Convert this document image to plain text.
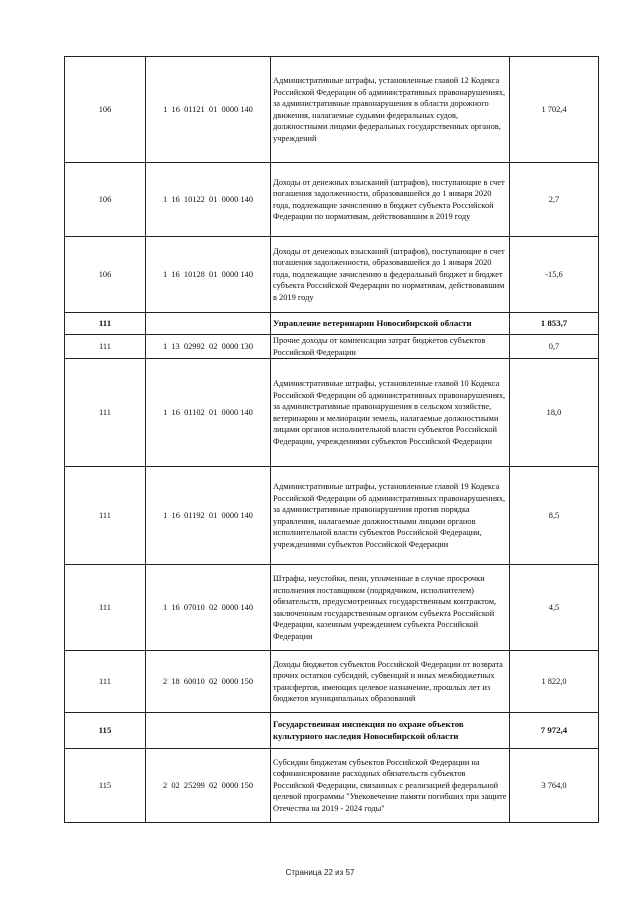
106	1  16  01121  01  0000 140	Административные штрафы, установленные главой 12 Кодекса Российской Федерации об административных правонарушениях, за административные правонарушения в области дорожного движения, налагаемые судьями федеральных судов, должностными лицами федеральных государственных органов, учреждений	1 702,4
106	1  16  10122  01  0000 140	Доходы от денежных взысканий (штрафов), поступающие в счет погашения задолженности, образовавшейся до 1 января 2020 года, подлежащие зачислению в бюджет субъекта Российской Федерации по нормативам, действовавшим в 2019 году	2,7
106	1  16  10128  01  0000 140	Доходы от денежных взысканий (штрафов), поступающие в счет погашения задолженности, образовавшейся до 1 января 2020 года, подлежащие зачислению в федеральный бюджет и бюджет субъекта Российской Федерации по нормативам, действовавшим в 2019 году	-15,6
111		Управление ветеринарии Новосибирской области	1 853,7
111	1  13  02992  02  0000 130	Прочие доходы от компенсации затрат бюджетов субъектов Российской Федерации	0,7
111	1  16  01102  01  0000 140	Административные штрафы, установленные главой 10 Кодекса Российской Федерации об административных правонарушениях, за административные правонарушения в сельском хозяйстве, ветеринарии и мелиорации земель, налагаемые должностными лицами органов исполнительной власти субъектов Российской Федерации, учреждениями субъектов Российской Федерации	18,0
111	1  16  01192  01  0000 140	Административные штрафы, установленные главой 19 Кодекса Российской Федерации об административных правонарушениях, за административные правонарушения против порядка управления, налагаемые должностными лицами органов исполнительной власти субъектов Российской Федерации, учреждениями субъектов Российской Федерации	8,5
111	1  16  07010  02  0000 140	Штрафы, неустойки, пени, уплаченные в случае просрочки исполнения поставщиком (подрядчиком, исполнителем) обязательств, предусмотренных государственным контрактом, заключенным государственным органом субъекта Российской Федерации, казенным учреждением субъекта Российской Федерации	4,5
111	2  18  60010  02  0000 150	Доходы бюджетов субъектов Российской Федерации от возврата прочих остатков субсидий, субвенций и иных межбюджетных трансфертов, имеющих целевое назначение, прошлых лет из бюджетов муниципальных образований	1 822,0
115		Государственная инспекция по охране объектов культурного наследия Новосибирской области	7 972,4
115	2  02  25299  02  0000 150	Субсидии бюджетам субъектов Российской Федерации на софинансирование расходных обязательств субъектов Российской Федерации, связанных с реализацией федеральной целевой программы "Увековечение памяти погибших при защите Отечества на 2019 - 2024 годы"	3 764,0
Страница 22 из 57
